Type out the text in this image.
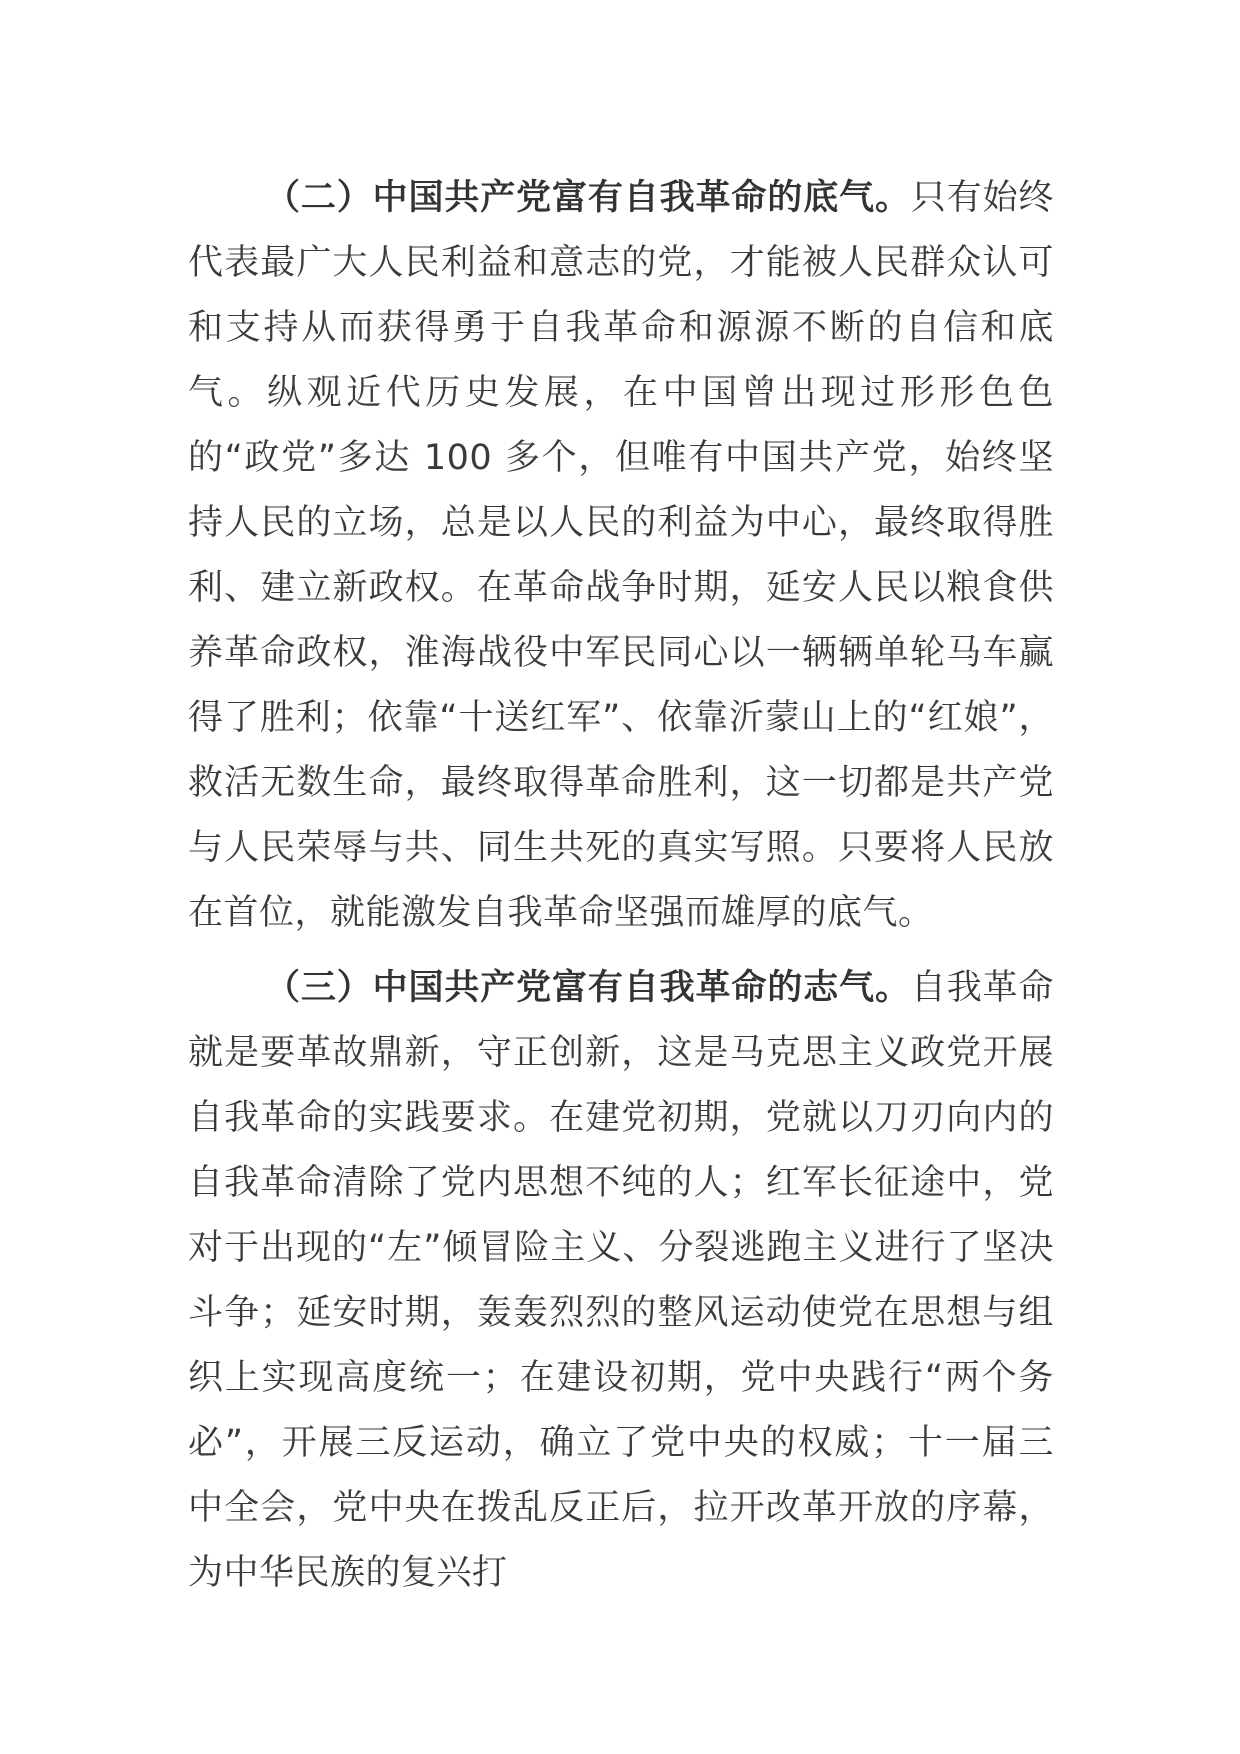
（二）中国共产党富有自我革命的底气。只有始终代表最广大人民利益和意志的党，才能被人民群众认可和支持从而获得勇于自我革命和源源不断的自信和底气。纵观近代历史发展，在中国曾出现过形形色色的“政党”多达 100 多个，但唯有中国共产党，始终坚持人民的立场，总是以人民的利益为中心，最终取得胜利、建立新政权。在革命战争时期，延安人民以粮食供养革命政权，淮海战役中军民同心以一辆辆单轮马车赢得了胜利；依靠“十送红军”、依靠沂蒙山上的“红娘”，救活无数生命，最终取得革命胜利，这一切都是共产党与人民荣辱与共、同生共死的真实写照。只要将人民放在首位，就能激发自我革命坚强而雄厚的底气。

（三）中国共产党富有自我革命的志气。自我革命就是要革故鼎新，守正创新，这是马克思主义政党开展自我革命的实践要求。在建党初期，党就以刀刃向内的自我革命清除了党内思想不纯的人；红军长征途中，党对于出现的“左”倾冒险主义、分裂逃跑主义进行了坚决斗争；延安时期，轰轰烈烈的整风运动使党在思想与组织上实现高度统一；在建设初期，党中央践行“两个务必”，开展三反运动，确立了党中央的权威；十一届三中全会，党中央在拨乱反正后，拉开改革开放的序幕，为中华民族的复兴打
